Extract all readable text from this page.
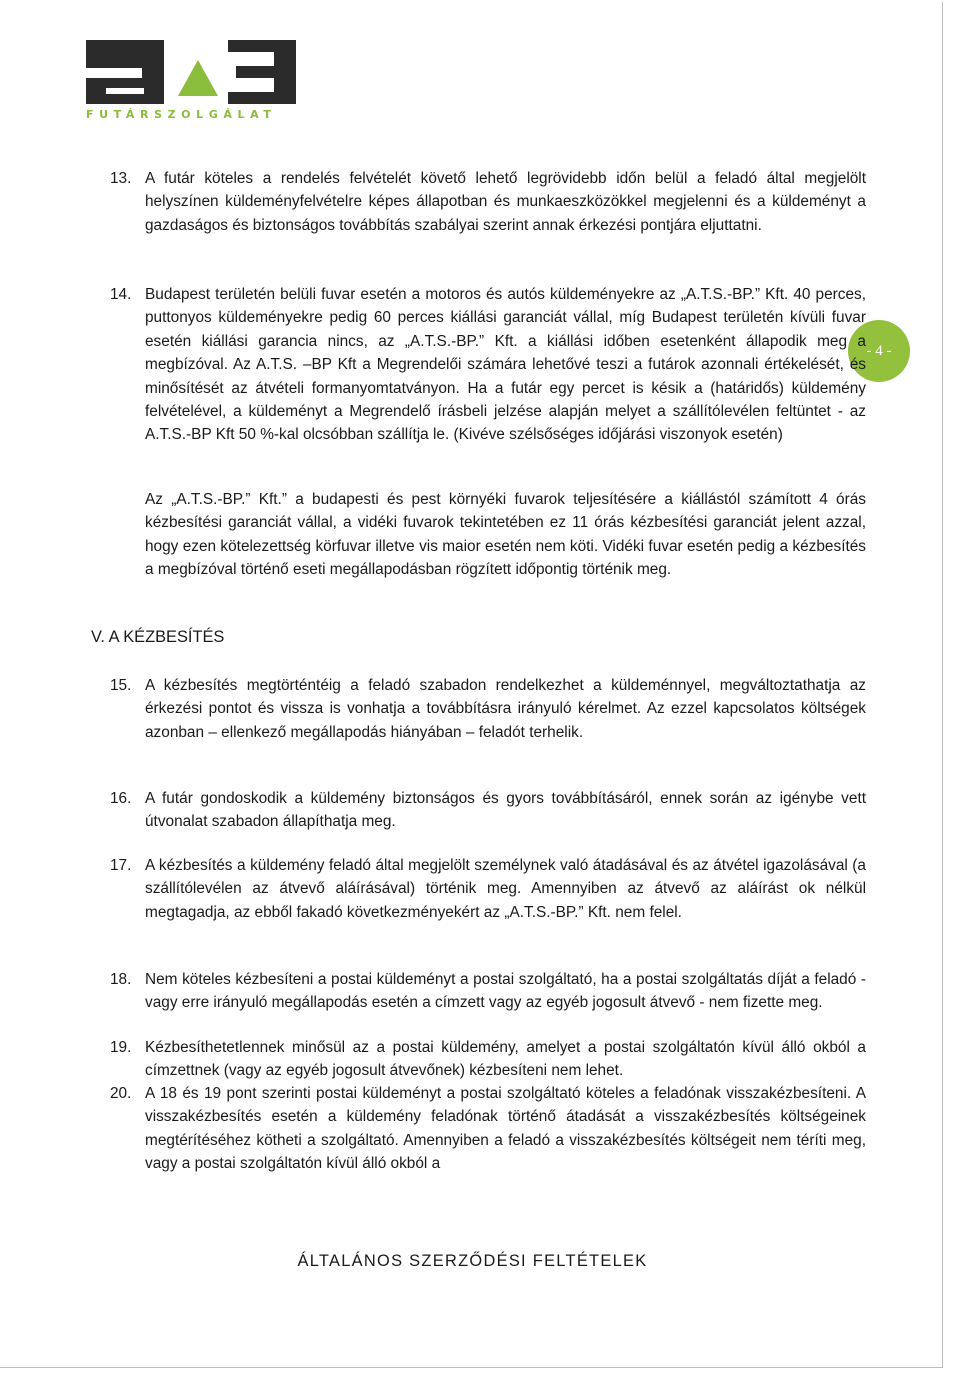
FUTÁRSZOLGÁLAT
- 4 -
13. A futár köteles a rendelés felvételét követő lehető legrövidebb időn belül a feladó által megjelölt helyszínen küldeményfelvételre képes állapotban és munkaeszközökkel megjelenni és a küldeményt a gazdaságos és biztonságos továbbítás szabályai szerint annak érkezési pontjára eljuttatni.
14. Budapest területén belüli fuvar esetén a motoros és autós küldeményekre az „A.T.S.-BP.” Kft. 40 perces, puttonyos küldeményekre pedig 60 perces kiállási garanciát vállal, míg Budapest területén kívüli fuvar esetén kiállási garancia nincs, az „A.T.S.-BP.” Kft. a kiállási időben esetenként állapodik meg a megbízóval. Az A.T.S. –BP Kft a Megrendelői számára lehetővé teszi a futárok azonnali értékelését, és minősítését az átvételi formanyomtatványon. Ha a futár egy percet is késik a (határidős) küldemény felvételével, a küldeményt a Megrendelő írásbeli jelzése alapján melyet a szállítólevélen feltüntet - az A.T.S.-BP Kft 50 %-kal olcsóbban szállítja le. (Kivéve szélsőséges időjárási viszonyok esetén)
Az „A.T.S.-BP.” Kft.” a budapesti és pest környéki fuvarok teljesítésére a kiállástól számított 4 órás kézbesítési garanciát vállal, a vidéki fuvarok tekintetében ez 11 órás kézbesítési garanciát jelent azzal, hogy ezen kötelezettség körfuvar illetve vis maior esetén nem köti. Vidéki fuvar esetén pedig a kézbesítés a megbízóval történő eseti megállapodásban rögzített időpontig történik meg.
V. A KÉZBESÍTÉS
15. A kézbesítés megtörténtéig a feladó szabadon rendelkezhet a küldeménnyel, megváltoztathatja az érkezési pontot és vissza is vonhatja a továbbításra irányuló kérelmet. Az ezzel kapcsolatos költségek azonban – ellenkező megállapodás hiányában – feladót terhelik.
16. A futár gondoskodik a küldemény biztonságos és gyors továbbításáról, ennek során az igénybe vett útvonalat szabadon állapíthatja meg.
17. A kézbesítés a küldemény feladó által megjelölt személynek való átadásával és az átvétel igazolásával (a szállítólevélen az átvevő aláírásával) történik meg. Amennyiben az átvevő az aláírást ok nélkül megtagadja, az ebből fakadó következményekért az „A.T.S.-BP.” Kft. nem felel.
18. Nem köteles kézbesíteni a postai küldeményt a postai szolgáltató, ha a postai szolgáltatás díját a feladó - vagy erre irányuló megállapodás esetén a címzett vagy az egyéb jogosult átvevő - nem fizette meg.
19. Kézbesíthetetlennek minősül az a postai küldemény, amelyet a postai szolgáltatón kívül álló okból a címzettnek (vagy az egyéb jogosult átvevőnek) kézbesíteni nem lehet.
20. A 18 és 19 pont szerinti postai küldeményt a postai szolgáltató köteles a feladónak visszakézbesíteni. A visszakézbesítés esetén a küldemény feladónak történő átadását a visszakézbesítés költségeinek megtérítéséhez kötheti a szolgáltató. Amennyiben a feladó a visszakézbesítés költségeit nem téríti meg, vagy a postai szolgáltatón kívül álló okból a
ÁLTALÁNOS SZERZŐDÉSI FELTÉTELEK
